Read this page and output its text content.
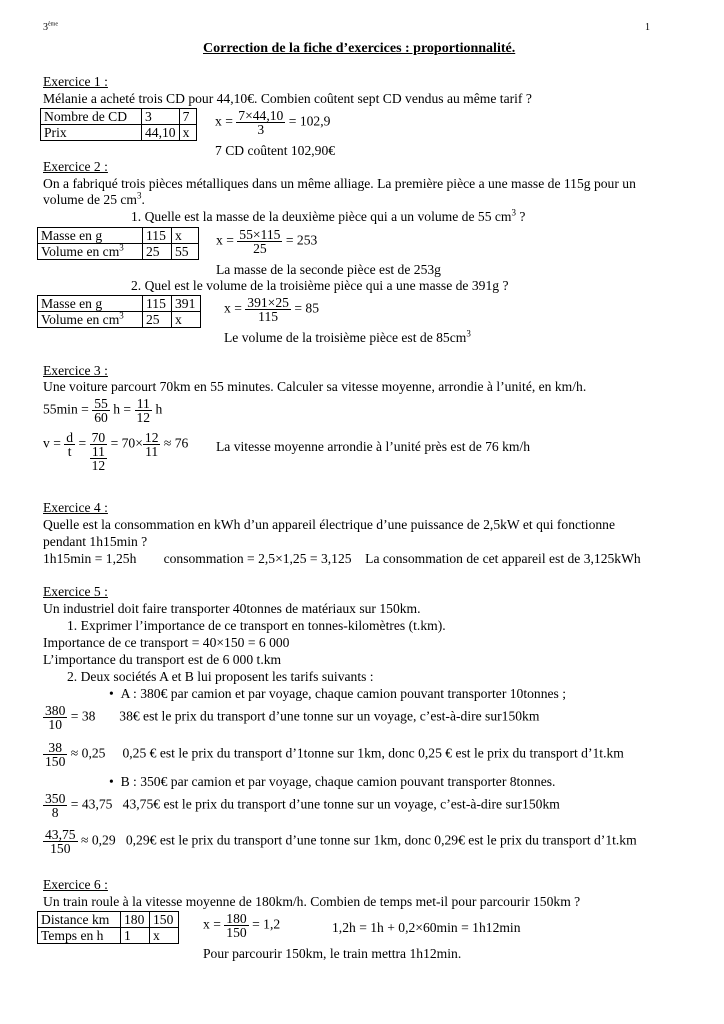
3ème	1
Correction de la fiche d’exercices : proportionnalité.
Exercice 1 :
Mélanie a acheté trois CD pour 44,10€. Combien coûtent sept CD vendus au même tarif ?
Nombre de CD	3	7
Prix	44,10	x
$x = \frac{7\times 44,10}{3} = 102,9$
7 CD coûtent 102,90€
Exercice 2 :
On a fabriqué trois pièces métalliques dans un même alliage. La première pièce a une masse de 115g pour un
volume de 25 $cm^3$.
1. Quelle est la masse de la deuxième pièce qui a un volume de 55 $cm^3$ ?
Masse en g	115	x
Volume en $cm^3$	25	55
$x = \frac{55\times 115}{25} = 253$
La masse de la seconde pièce est de 253g
2. Quel est le volume de la troisième pièce qui a une masse de 391g ?
Masse en g	115	391
Volume en $cm^3$	25	x
$x = \frac{391\times 25}{115} = 85$
Le volume de la troisième pièce est de $85cm^3$
Exercice 3 :
Une voiture parcourt 70km en 55 minutes. Calculer sa vitesse moyenne, arrondie à l’unité, en km/h.
$55\min = \frac{55}{60}$ $h = \frac{11}{12}$ h
$v = \frac{d}{t} = \frac{70}{\frac{11}{12}} = 70\times \frac{12}{11} \approx 76$ La vitesse moyenne arrondie à l’unité près est de 76 km/h
Exercice 4 :
Quelle est la consommation en kWh d’un appareil électrique d’une puissance de 2,5kW et qui fonctionne
pendant 1h15min ?
1h15min = 1,25h        consommation = 2,5×1,25 = 3,125    La consommation de cet appareil est de 3,125kWh
Exercice 5 :
Un industriel doit faire transporter 40tonnes de matériaux sur 150km.
1. Exprimer l’importance de ce transport en tonnes-kilomètres (t.km).
Importance de ce transport = 40×150 = 6 000
L’importance du transport est de 6 000 t.km
2. Deux sociétés A et B lui proposent les tarifs suivants :
•  A : 380€ par camion et par voyage, chaque camion pouvant transporter 10tonnes ;
$\frac{380}{10} = 38$ 38€ est le prix du transport d’une tonne sur un voyage, c’est-à-dire sur150km
$\frac{38}{150} \approx 0,25$ 0,25 € est le prix du transport d’1tonne sur 1km, donc 0,25 € est le prix du transport d’1t.km
•  B : 350€ par camion et par voyage, chaque camion pouvant transporter 8tonnes.
$\frac{350}{8} = 43,75$ 43,75€ est le prix du transport d’une tonne sur un voyage, c’est-à-dire sur150km
$\frac{43,75}{150} \approx 0,29$ 0,29€ est le prix du transport d’une tonne sur 1km, donc 0,29€ est le prix du transport d’1t.km
Exercice 6 :
Un train roule à la vitesse moyenne de 180km/h. Combien de temps met-il pour parcourir 150km ?
Distance km	180	150
Temps en h	1	x
$x = \frac{180}{150} = 1,2$	1,2h = 1h + 0,2×60min = 1h12min
Pour parcourir 150km, le train mettra 1h12min.
